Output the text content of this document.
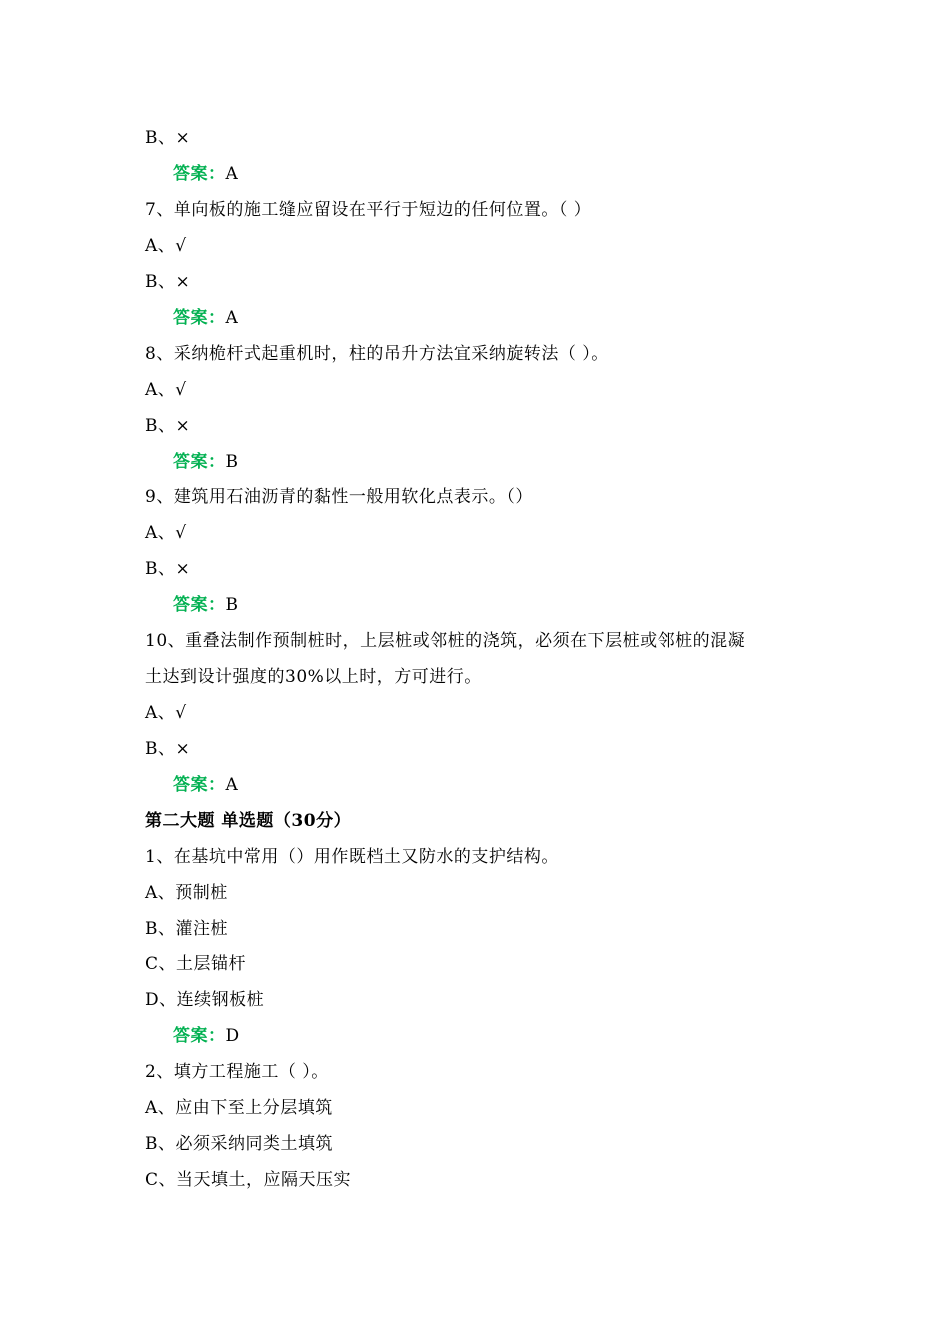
B、×
答案：A
7、单向板的施工缝应留设在平行于短边的任何位置。（ ）
A、√
B、×
答案：A
8、采纳桅杆式起重机时，柱的吊升方法宜采纳旋转法（ ）。
A、√
B、×
答案：B
9、建筑用石油沥青的黏性一般用软化点表示。（）
A、√
B、×
答案：B
10、重叠法制作预制桩时，上层桩或邻桩的浇筑，必须在下层桩或邻桩的混凝
土达到设计强度的30%以上时，方可进行。
A、√
B、×
答案：A
第二大题 单选题（30分）
1、在基坑中常用（）用作既档土又防水的支护结构。
A、预制桩
B、灌注桩
C、土层锚杆
D、连续钢板桩
答案：D
2、填方工程施工（ ）。
A、应由下至上分层填筑
B、必须采纳同类土填筑
C、当天填土，应隔天压实
